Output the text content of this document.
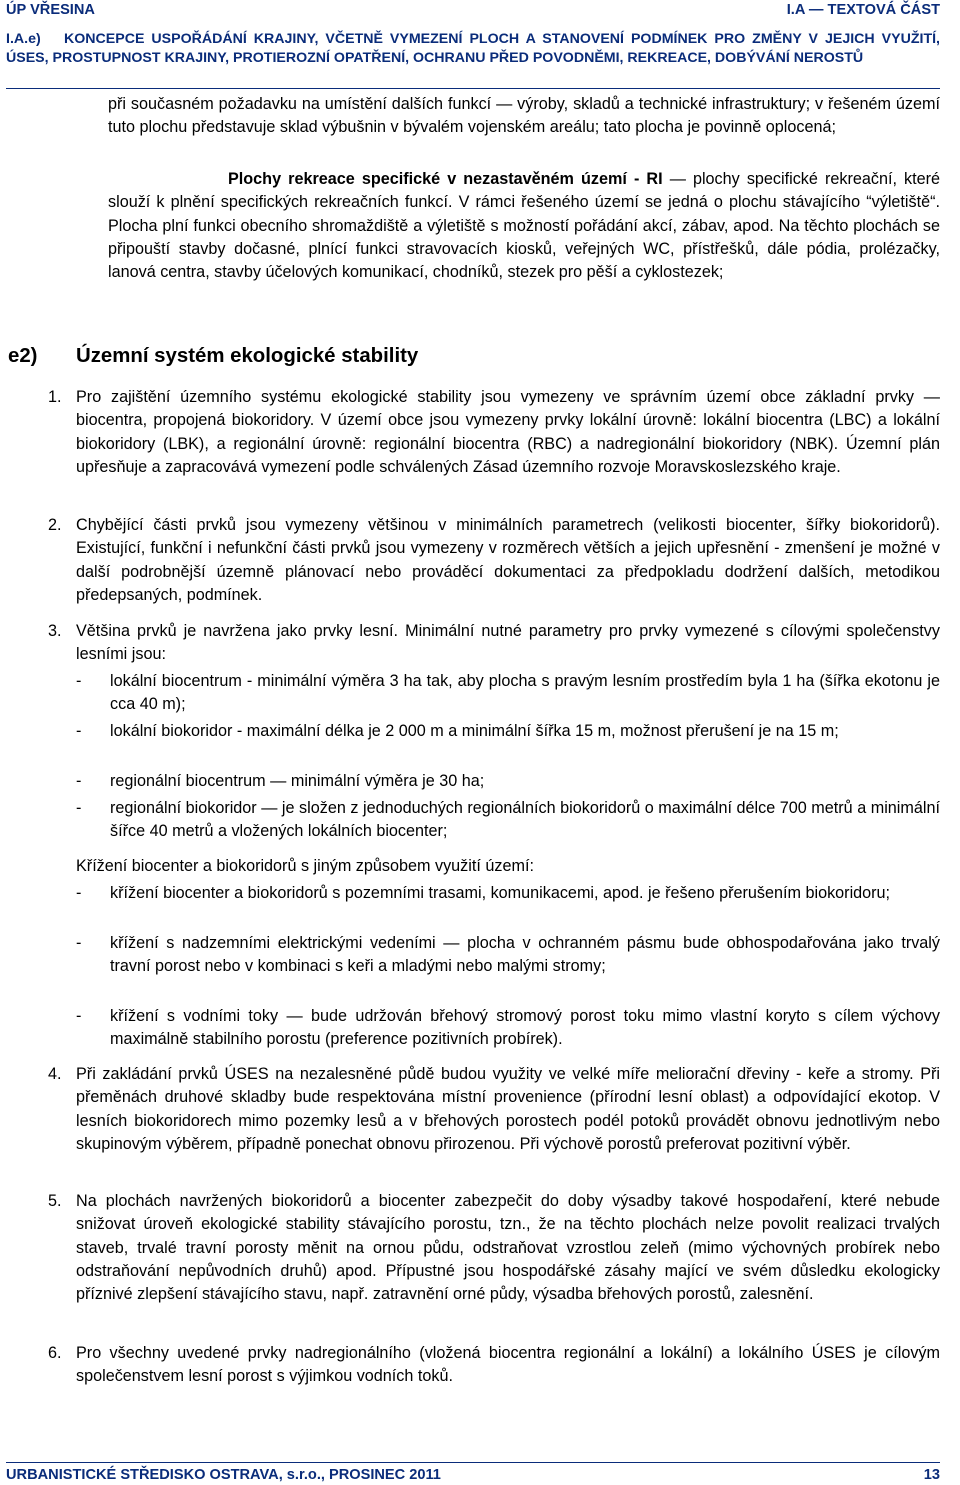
ÚP VŘESINA	I.A — TEXTOVÁ ČÁST
I.A.e) KONCEPCE USPOŘÁDÁNÍ KRAJINY, VČETNĚ VYMEZENÍ PLOCH A STANOVENÍ PODMÍNEK PRO ZMĚNY V JEJICH VYUŽITÍ, ÚSES, PROSTUPNOST KRAJINY, PROTIEROZNÍ OPATŘENÍ, OCHRANU PŘED POVODNĚMI, REKREACE, DOBÝVÁNÍ NEROSTŮ
při současném požadavku na umístění dalších funkcí — výroby, skladů a technické infrastruktury; v řešeném území tuto plochu představuje sklad výbušnin v bývalém vojenském areálu; tato plocha je povinně oplocená;
Plochy rekreace specifické v nezastavěném území - RI — plochy specifické rekreační, které slouží k plnění specifických rekreačních funkcí. V rámci řešeného území se jedná o plochu stávajícího “výletiště“. Plocha plní funkci obecního shromaždiště a výletiště s možností pořádání akcí, zábav, apod. Na těchto plochách se připouští stavby dočasné, plnící funkci stravovacích kiosků, veřejných WC, přístřešků, dále pódia, prolézačky, lanová centra, stavby účelových komunikací, chodníků, stezek pro pěší a cyklostezek;
e2) Územní systém ekologické stability
1. Pro zajištění územního systému ekologické stability jsou vymezeny ve správním území obce základní prvky — biocentra, propojená biokoridory. V území obce jsou vymezeny prvky lokální úrovně: lokální biocentra (LBC) a lokální biokoridory (LBK), a regionální úrovně: regionální biocentra (RBC) a nadregionální biokoridory (NBK). Územní plán upřesňuje a zapracovává vymezení podle schválených Zásad územního rozvoje Moravskoslezského kraje.
2. Chybějící části prvků jsou vymezeny většinou v minimálních parametrech (velikosti biocenter, šířky biokoridorů). Existující, funkční i nefunkční části prvků jsou vymezeny v rozměrech větších a jejich upřesnění - zmenšení je možné v další podrobnější územně plánovací nebo prováděcí dokumentaci za předpokladu dodržení dalších, metodikou předepsaných, podmínek.
3. Většina prvků je navržena jako prvky lesní. Minimální nutné parametry pro prvky vymezené s cílovými společenstvy lesními jsou:
- lokální biocentrum - minimální výměra 3 ha tak, aby plocha s pravým lesním prostředím byla 1 ha (šířka ekotonu je cca 40 m);
- lokální biokoridor - maximální délka je 2 000 m a minimální šířka 15 m, možnost přerušení je na 15 m;
- regionální biocentrum — minimální výměra je 30 ha;
- regionální biokoridor — je složen z jednoduchých regionálních biokoridorů o maximální délce 700 metrů a minimální šířce 40 metrů a vložených lokálních biocenter;
Křížení biocenter a biokoridorů s jiným způsobem využití území:
- křížení biocenter a biokoridorů s pozemními trasami, komunikacemi, apod. je řešeno přerušením biokoridoru;
- křížení s nadzemními elektrickými vedeními — plocha v ochranném pásmu bude obhospodařována jako trvalý travní porost nebo v kombinaci s keři a mladými nebo malými stromy;
- křížení s vodními toky — bude udržován břehový stromový porost toku mimo vlastní koryto s cílem výchovy maximálně stabilního porostu (preference pozitivních probírek).
4. Při zakládání prvků ÚSES na nezalesněné půdě budou využity ve velké míře meliorační dřeviny - keře a stromy. Při přeměnách druhové skladby bude respektována místní provenience (přírodní lesní oblast) a odpovídající ekotop. V lesních biokoridorech mimo pozemky lesů a v břehových porostech podél potoků provádět obnovu jednotlivým nebo skupinovým výběrem, případně ponechat obnovu přirozenou. Při výchově porostů preferovat pozitivní výběr.
5. Na plochách navržených biokoridorů a biocenter zabezpečit do doby výsadby takové hospodaření, které nebude snižovat úroveň ekologické stability stávajícího porostu, tzn., že na těchto plochách nelze povolit realizaci trvalých staveb, trvalé travní porosty měnit na ornou půdu, odstraňovat vzrostlou zeleň (mimo výchovných probírek nebo odstraňování nepůvodních druhů) apod. Přípustné jsou hospodářské zásahy mající ve svém důsledku ekologicky příznivé zlepšení stávajícího stavu, např. zatravnění orné půdy, výsadba břehových porostů, zalesnění.
6. Pro všechny uvedené prvky nadregionálního (vložená biocentra regionální a lokální) a lokálního ÚSES je cílovým společenstvem lesní porost s výjimkou vodních toků.
URBANISTICKÉ STŘEDISKO OSTRAVA, s.r.o., PROSINEC 2011	13
